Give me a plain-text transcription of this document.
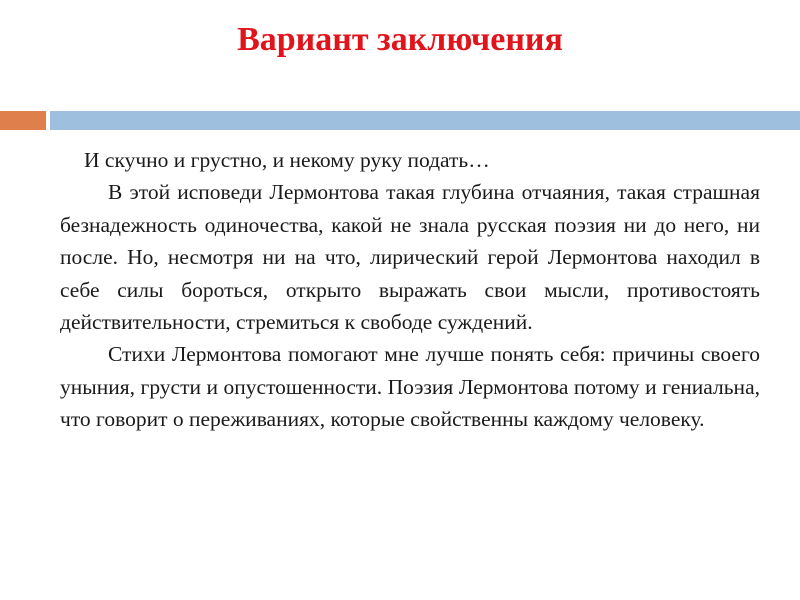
Вариант заключения

И скучно и грустно, и некому руку подать…

В этой исповеди Лермонтова такая глубина отчаяния, такая страшная безнадежность одиночества, какой не знала русская поэзия ни до него, ни после. Но, несмотря ни на что, лирический герой Лермонтова находил в себе силы бороться, открыто выражать свои мысли, противостоять действительности, стремиться к свободе суждений.

Стихи Лермонтова помогают мне лучше понять себя: причины своего уныния, грусти и опустошенности. Поэзия Лермонтова потому и гениальна, что говорит о переживаниях, которые свойственны каждому человеку.
